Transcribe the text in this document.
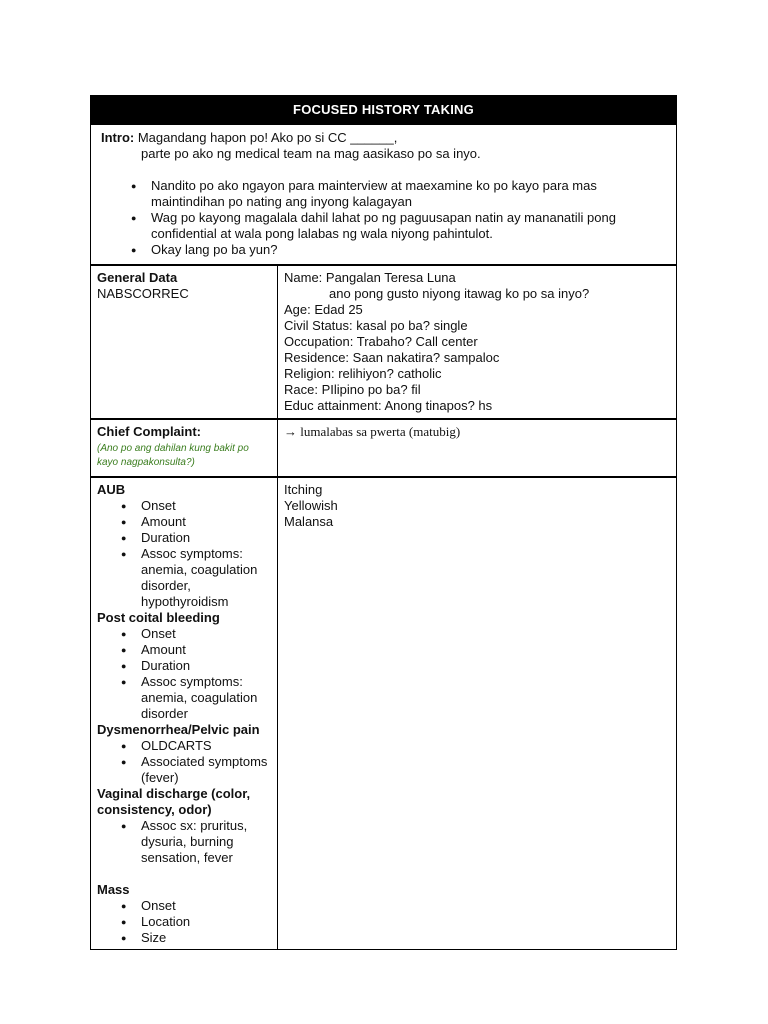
FOCUSED HISTORY TAKING

Intro: Magandang hapon po! Ako po si CC ______,

parte po ako ng medical team na mag aasikaso po sa inyo.

● Nandito po ako ngayon para mainterview at maexamine ko po kayo para mas maintindihan po nating ang inyong kalagayan
● Wag po kayong magalala dahil lahat po ng paguusapan natin ay mananatili pong confidential at wala pong lalabas ng wala niyong pahintulot.
● Okay lang po ba yun?
General Data
NABSCORREC
Name: Pangalan Teresa Luna
ano pong gusto niyong itawag ko po sa inyo?
Age: Edad 25
Civil Status: kasal po ba? single
Occupation: Trabaho? Call center
Residence: Saan nakatira? sampaloc
Religion: relihiyon? catholic
Race: PIlipino po ba? fil
Educ attainment: Anong tinapos? hs
Chief Complaint:
(Ano po ang dahilan kung bakit po kayo nagpakonsulta?)
→ lumalabas sa pwerta (matubig)
AUB
● Onset
● Amount
● Duration
● Assoc symptoms: anemia, coagulation disorder, hypothyroidism
Post coital bleeding
● Onset
● Amount
● Duration
● Assoc symptoms: anemia, coagulation disorder
Dysmenorrhea/Pelvic pain
● OLDCARTS
● Associated symptoms (fever)
Vaginal discharge (color, consistency, odor)
● Assoc sx: pruritus, dysuria, burning sensation, fever
Mass
● Onset
● Location
● Size
Itching
Yellowish
Malansa
